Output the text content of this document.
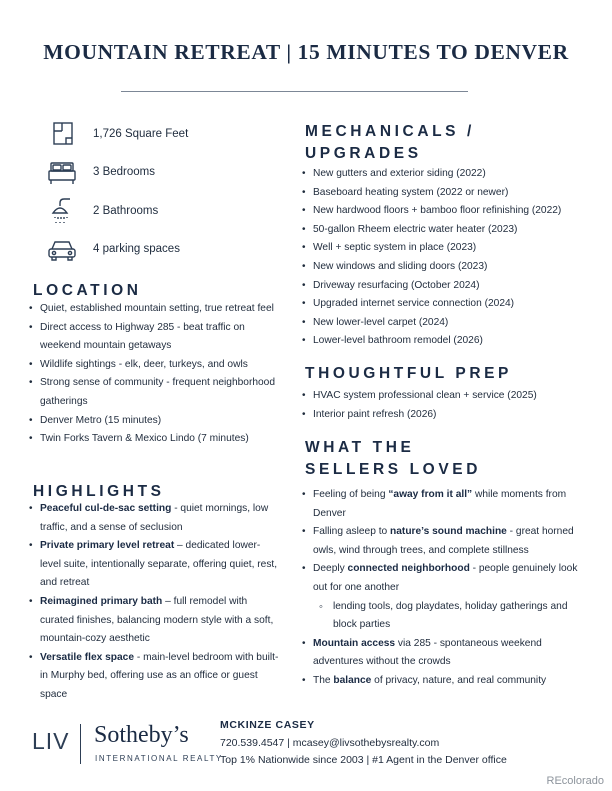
MOUNTAIN RETREAT | 15 MINUTES TO DENVER
1,726 Square Feet
3 Bedrooms
2 Bathrooms
4 parking spaces
LOCATION
• Quiet, established mountain setting, true retreat feel
• Direct access to Highway 285 - beat traffic on weekend mountain getaways
• Wildlife sightings - elk, deer, turkeys, and owls
• Strong sense of community - frequent neighborhood gatherings
• Denver Metro (15 minutes)
• Twin Forks Tavern & Mexico Lindo (7 minutes)
HIGHLIGHTS
• Peaceful cul-de-sac setting - quiet mornings, low traffic, and a sense of seclusion
• Private primary level retreat – dedicated lower-level suite, intentionally separate, offering quiet, rest, and retreat
• Reimagined primary bath – full remodel with curated finishes, balancing modern style with a soft, mountain-cozy aesthetic
• Versatile flex space - main-level bedroom with built-in Murphy bed, offering use as an office or guest space
MECHANICALS /
UPGRADES
• New gutters and exterior siding (2022)
• Baseboard heating system (2022 or newer)
• New hardwood floors + bamboo floor refinishing (2022)
• 50-gallon Rheem electric water heater (2023)
• Well + septic system in place (2023)
• New windows and sliding doors (2023)
• Driveway resurfacing (October 2024)
• Upgraded internet service connection (2024)
• New lower-level carpet (2024)
• Lower-level bathroom remodel (2026)
THOUGHTFUL PREP
• HVAC system professional clean + service (2025)
• Interior paint refresh (2026)
WHAT THE
SELLERS LOVED
• Feeling of being “away from it all” while moments from Denver
• Falling asleep to nature’s sound machine - great horned owls, wind through trees, and complete stillness
• Deeply connected neighborhood - people genuinely look out for one another
◦ lending tools, dog playdates, holiday gatherings and block parties
• Mountain access via 285 - spontaneous weekend adventures without the crowds
• The balance of privacy, nature, and real community
LIV Sotheby’s
INTERNATIONAL REALTY
MCKINZE CASEY
720.539.4547 | mcasey@livsothebysrealty.com
Top 1% Nationwide since 2003 | #1 Agent in the Denver office
REcolorado
